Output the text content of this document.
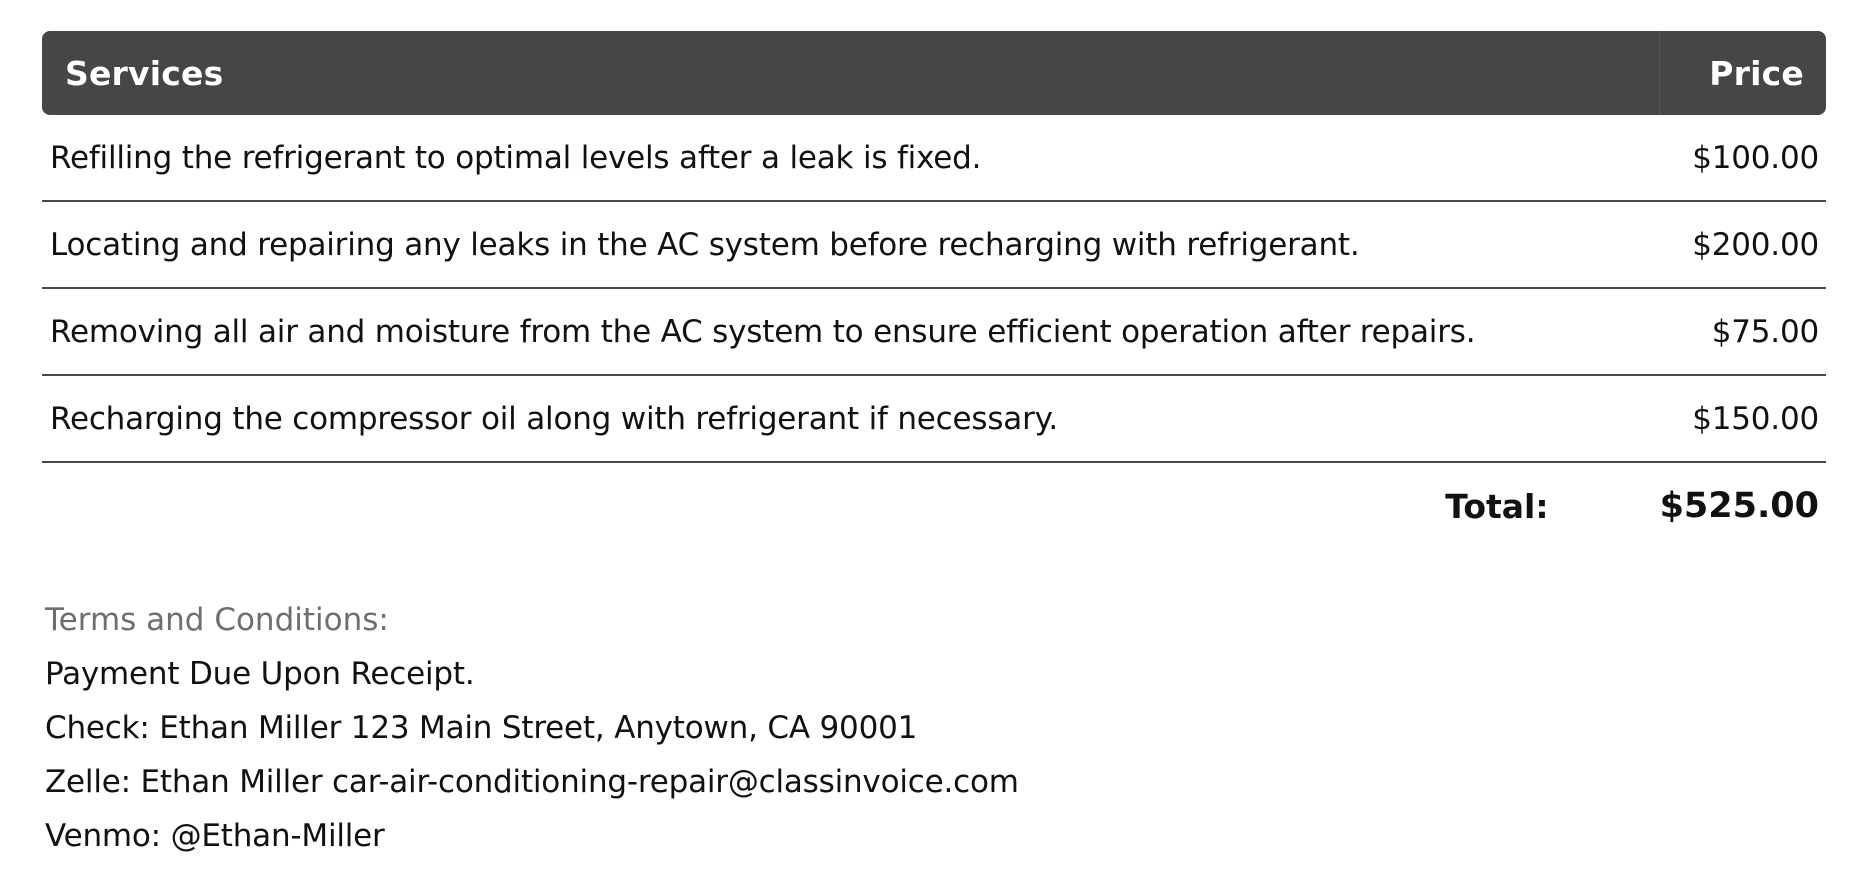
Services	Price
Refilling the refrigerant to optimal levels after a leak is fixed.	$100.00
Locating and repairing any leaks in the AC system before recharging with refrigerant.	$200.00
Removing all air and moisture from the AC system to ensure efficient operation after repairs.	$75.00
Recharging the compressor oil along with refrigerant if necessary.	$150.00
Total:	$525.00
Terms and Conditions:
Payment Due Upon Receipt.
Check: Ethan Miller 123 Main Street, Anytown, CA 90001
Zelle: Ethan Miller car-air-conditioning-repair@classinvoice.com
Venmo: @Ethan-Miller
